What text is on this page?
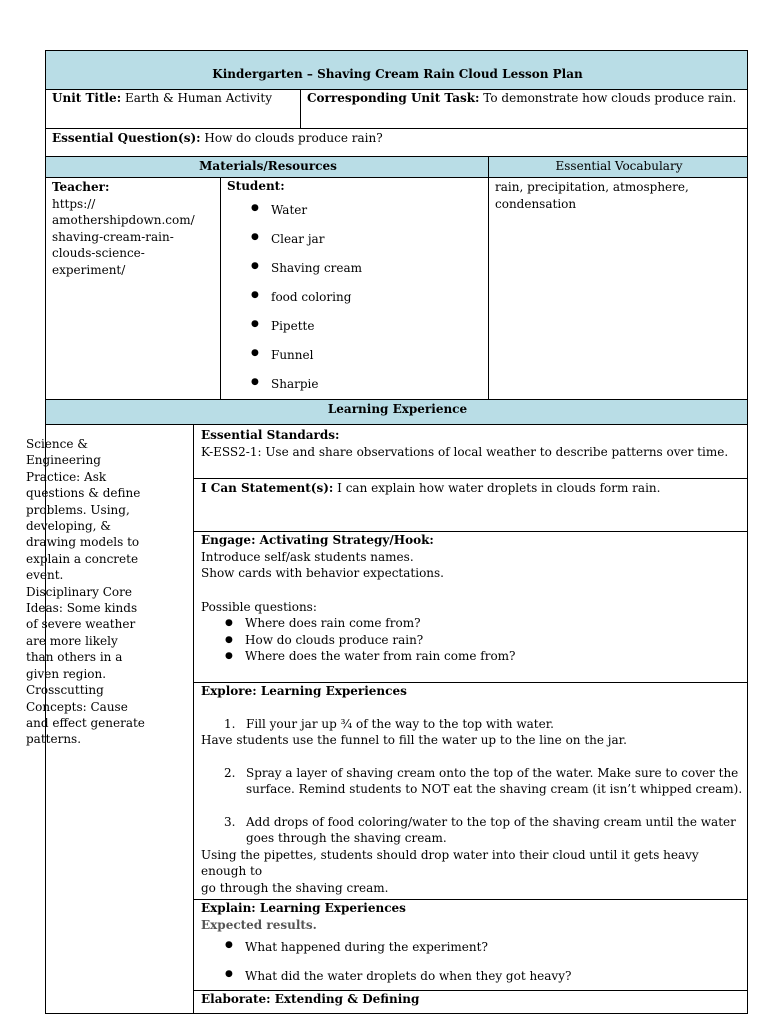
Kindergarten – Shaving Cream Rain Cloud Lesson Plan
Unit Title: Earth & Human Activity	Corresponding Unit Task: To demonstrate how clouds produce rain.
Essential Question(s): How do clouds produce rain?
Materials/Resources	Essential Vocabulary
Teacher:
https://
amothershipdown.com/
shaving-cream-rain-
clouds-science-
experiment/
Student:
● Water
● Clear jar
● Shaving cream
● food coloring
● Pipette
● Funnel
● Sharpie
rain, precipitation, atmosphere,
condensation
Learning Experience
Science &
Engineering
Practice: Ask
questions & define
problems. Using,
developing, &
drawing models to
explain a concrete
event.
Disciplinary Core
Ideas: Some kinds
of severe weather
are more likely
than others in a
given region.
Crosscutting
Concepts: Cause
and effect generate
patterns.
Essential Standards:
K-ESS2-1: Use and share observations of local weather to describe patterns over time.
I Can Statement(s): I can explain how water droplets in clouds form rain.
Engage: Activating Strategy/Hook:
Introduce self/ask students names.
Show cards with behavior expectations.
Possible questions:
● Where does rain come from?
● How do clouds produce rain?
● Where does the water from rain come from?
Explore: Learning Experiences
1. Fill your jar up ¾ of the way to the top with water.
Have students use the funnel to fill the water up to the line on the jar.
2. Spray a layer of shaving cream onto the top of the water. Make sure to cover the
surface. Remind students to NOT eat the shaving cream (it isn’t whipped cream).
3. Add drops of food coloring/water to the top of the shaving cream until the water
goes through the shaving cream.
Using the pipettes, students should drop water into their cloud until it gets heavy enough to
go through the shaving cream.
Explain: Learning Experiences
Expected results.
● What happened during the experiment?
● What did the water droplets do when they got heavy?
Elaborate: Extending & Defining
